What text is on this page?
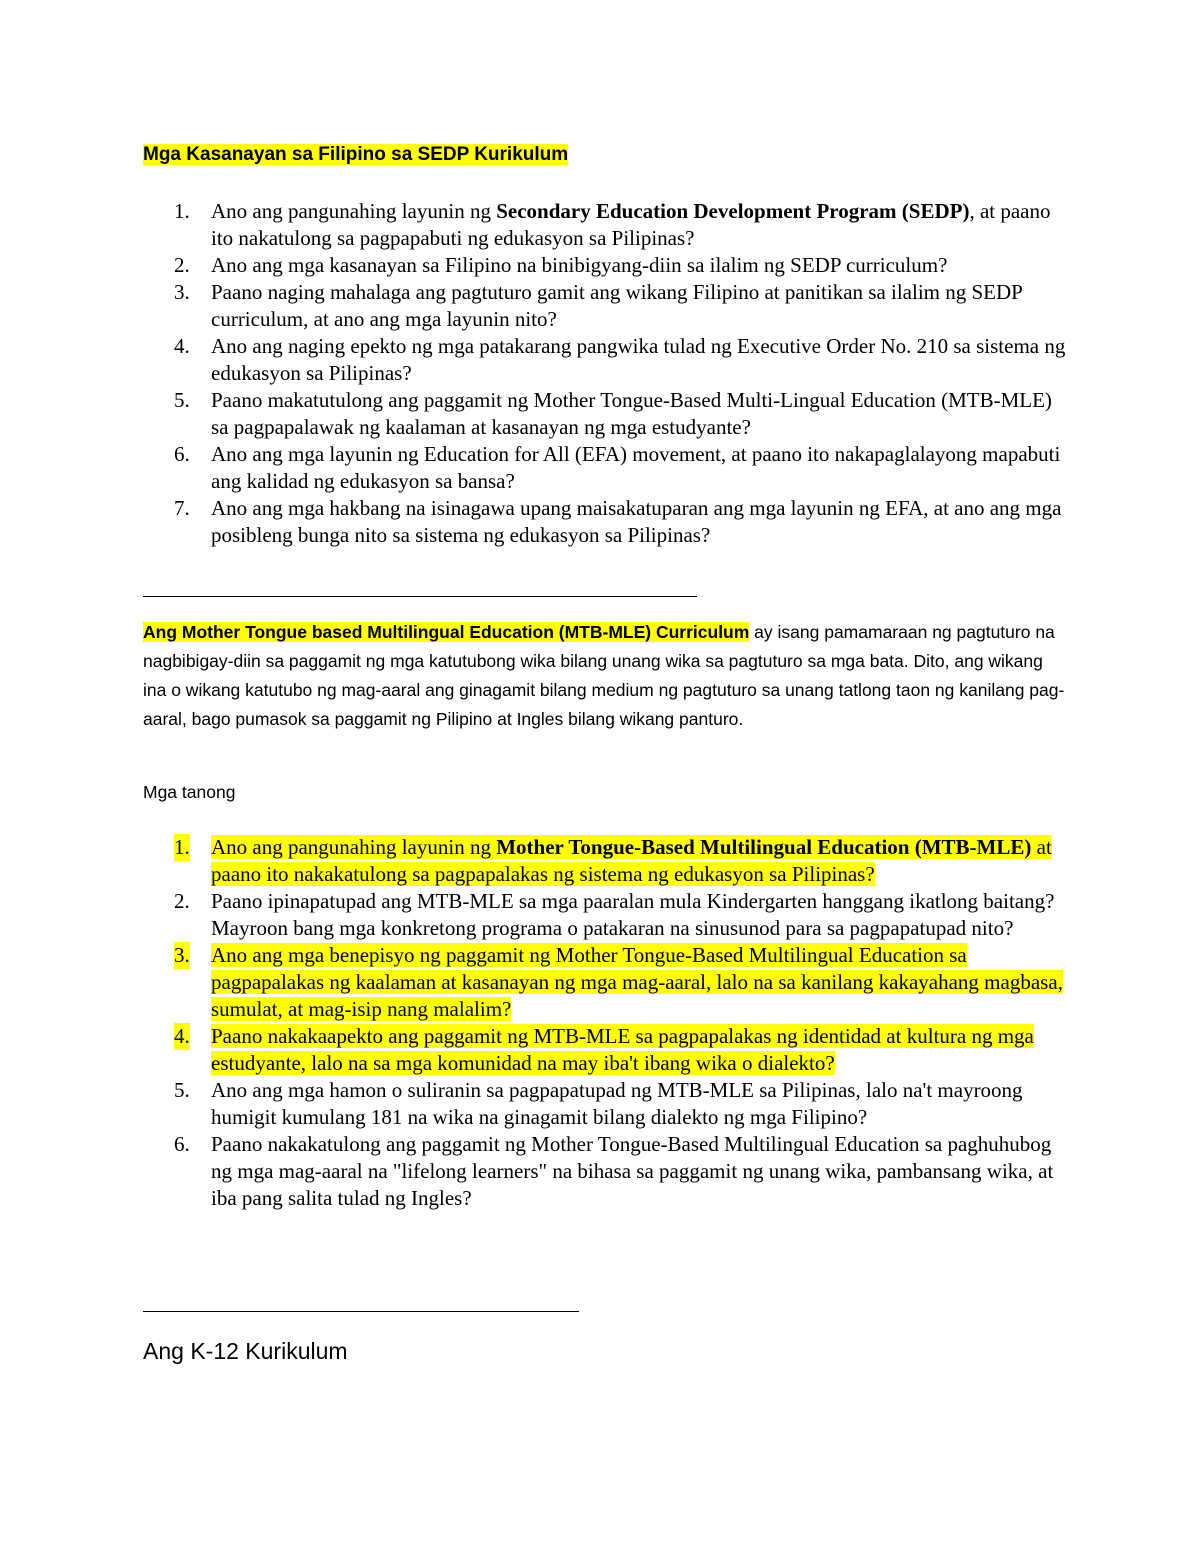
Mga Kasanayan sa Filipino sa SEDP Kurikulum
1. Ano ang pangunahing layunin ng Secondary Education Development Program (SEDP), at paano ito nakatulong sa pagpapabuti ng edukasyon sa Pilipinas?
2. Ano ang mga kasanayan sa Filipino na binibigyang-diin sa ilalim ng SEDP curriculum?
3. Paano naging mahalaga ang pagtuturo gamit ang wikang Filipino at panitikan sa ilalim ng SEDP curriculum, at ano ang mga layunin nito?
4. Ano ang naging epekto ng mga patakarang pangwika tulad ng Executive Order No. 210 sa sistema ng edukasyon sa Pilipinas?
5. Paano makatutulong ang paggamit ng Mother Tongue-Based Multi-Lingual Education (MTB-MLE) sa pagpapalawak ng kaalaman at kasanayan ng mga estudyante?
6. Ano ang mga layunin ng Education for All (EFA) movement, at paano ito nakapaglalayong mapabuti ang kalidad ng edukasyon sa bansa?
7. Ano ang mga hakbang na isinagawa upang maisakatuparan ang mga layunin ng EFA, at ano ang mga posibleng bunga nito sa sistema ng edukasyon sa Pilipinas?
Ang Mother Tongue based Multilingual Education (MTB-MLE) Curriculum ay isang pamamaraan ng pagtuturo na nagbibigay-diin sa paggamit ng mga katutubong wika bilang unang wika sa pagtuturo sa mga bata. Dito, ang wikang ina o wikang katutubo ng mag-aaral ang ginagamit bilang medium ng pagtuturo sa unang tatlong taon ng kanilang pag-aaral, bago pumasok sa paggamit ng Pilipino at Ingles bilang wikang panturo.
Mga tanong
1. Ano ang pangunahing layunin ng Mother Tongue-Based Multilingual Education (MTB-MLE) at paano ito nakakatulong sa pagpapalakas ng sistema ng edukasyon sa Pilipinas?
2. Paano ipinapatupad ang MTB-MLE sa mga paaralan mula Kindergarten hanggang ikatlong baitang? Mayroon bang mga konkretong programa o patakaran na sinusunod para sa pagpapatupad nito?
3. Ano ang mga benepisyo ng paggamit ng Mother Tongue-Based Multilingual Education sa pagpapalakas ng kaalaman at kasanayan ng mga mag-aaral, lalo na sa kanilang kakayahang magbasa, sumulat, at mag-isip nang malalim?
4. Paano nakakaapekto ang paggamit ng MTB-MLE sa pagpapalakas ng identidad at kultura ng mga estudyante, lalo na sa mga komunidad na may iba't ibang wika o dialekto?
5. Ano ang mga hamon o suliranin sa pagpapatupad ng MTB-MLE sa Pilipinas, lalo na't mayroong humigit kumulang 181 na wika na ginagamit bilang dialekto ng mga Filipino?
6. Paano nakakatulong ang paggamit ng Mother Tongue-Based Multilingual Education sa paghuhubog ng mga mag-aaral na "lifelong learners" na bihasa sa paggamit ng unang wika, pambansang wika, at iba pang salita tulad ng Ingles?
Ang K-12 Kurikulum
